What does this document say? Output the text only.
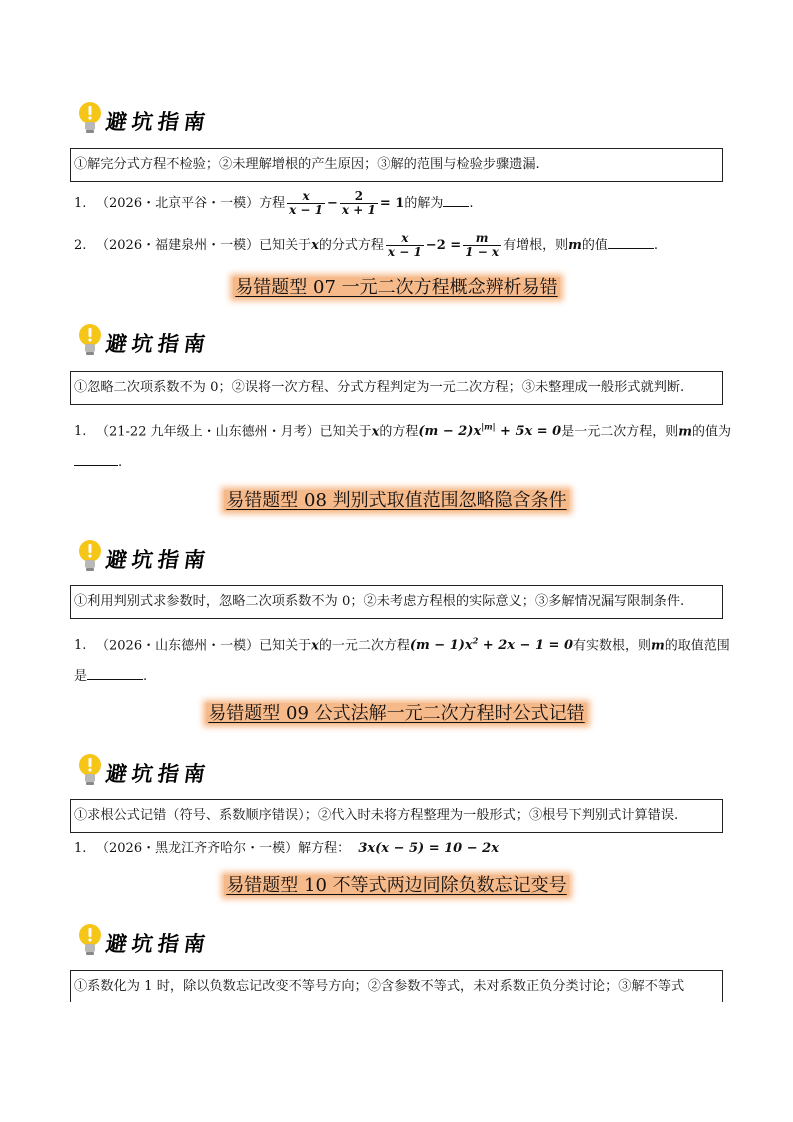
避坑指南
①解完分式方程不检验；②未理解增根的产生原因；③解的范围与检验步骤遗漏.
1. （2026・北京平谷・一模）方程 $\frac{x}{x - 1} - \frac{2}{x + 1} = 1$的解为 .
2. （2026・福建泉州・一模）已知关于x的分式方程 $\frac{x}{x - 1} -2 = \frac{m}{1 - x}$ 有增根，则m的值	.
易错题型 07 一元二次方程概念辨析易错
避坑指南
①忽略二次项系数不为 0；②误将一次方程、分式方程判定为一元二次方程；③未整理成一般形式就判断.
1. （21-22 九年级上・山东德州・月考）已知关于x的方程$(m - 2)x^{|m|} + 5x = 0$是一元二次方程，则m的值为
.
易错题型 08 判别式取值范围忽略隐含条件
避坑指南
①利用判别式求参数时，忽略二次项系数不为 0；②未考虑方程根的实际意义；③多解情况漏写限制条件.
1. （2026・山东德州・一模）已知关于x的一元二次方程$(m - 1)x^2 + 2x - 1 = 0$有实数根，则m的取值范围
是	.
易错题型 09 公式法解一元二次方程时公式记错
避坑指南
①求根公式记错（符号、系数顺序错误）；②代入时未将方程整理为一般形式；③根号下判别式计算错误.
1. （2026・黑龙江齐齐哈尔・一模）解方程： 3x(x − 5) = 10 − 2x
易错题型 10 不等式两边同除负数忘记变号
避坑指南
①系数化为 1 时，除以负数忘记改变不等号方向；②含参数不等式，未对系数正负分类讨论；③解不等式
